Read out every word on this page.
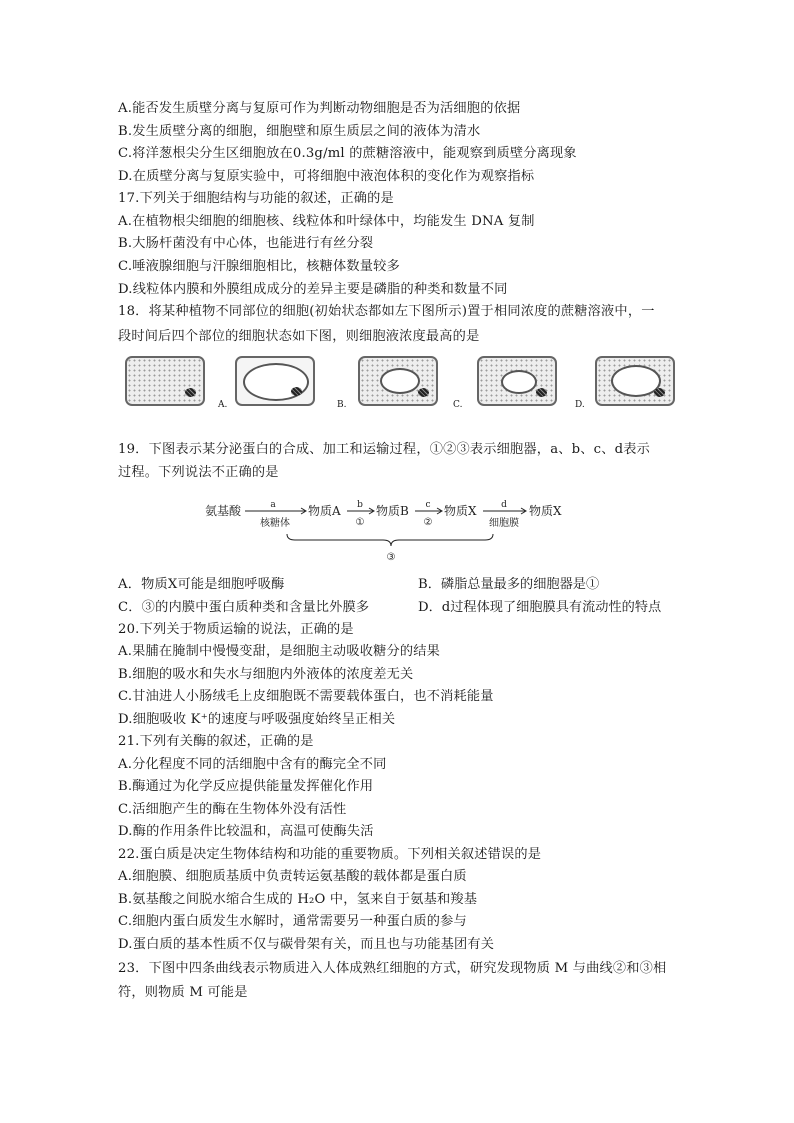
A.能否发生质壁分离与复原可作为判断动物细胞是否为活细胞的依据
B.发生质壁分离的细胞，细胞壁和原生质层之间的液体为清水
C.将洋葱根尖分生区细胞放在0.3g/ml 的蔗糖溶液中，能观察到质壁分离现象
D.在质壁分离与复原实验中，可将细胞中液泡体积的变化作为观察指标
17.下列关于细胞结构与功能的叙述，正确的是
A.在植物根尖细胞的细胞核、线粒体和叶绿体中，均能发生 DNA 复制
B.大肠杆菌没有中心体，也能进行有丝分裂
C.唾液腺细胞与汗腺细胞相比，核糖体数量较多
D.线粒体内膜和外膜组成成分的差异主要是磷脂的种类和数量不同
18．将某种植物不同部位的细胞(初始状态都如左下图所示)置于相同浓度的蔗糖溶液中，一
段时间后四个部位的细胞状态如下图，则细胞液浓度最高的是
A.	B.	C.	D.
19．下图表示某分泌蛋白的合成、加工和运输过程，①②③表示细胞器，a、b、c、d表示
过程。下列说法不正确的是
氨基酸	a
核糖体
物质A b
①
物质B c
②
物质X	d
细胞膜
物质X
③
A．物质X可能是细胞呼吸酶	B．磷脂总量最多的细胞器是①
C．③的内膜中蛋白质种类和含量比外膜多	D．d过程体现了细胞膜具有流动性的特点
20.下列关于物质运输的说法，正确的是
A.果脯在腌制中慢慢变甜，是细胞主动吸收糖分的结果
B.细胞的吸水和失水与细胞内外液体的浓度差无关
C.甘油进人小肠绒毛上皮细胞既不需要载体蛋白，也不消耗能量
D.细胞吸收 K⁺的速度与呼吸强度始终呈正相关
21.下列有关酶的叙述，正确的是
A.分化程度不同的活细胞中含有的酶完全不同
B.酶通过为化学反应提供能量发挥催化作用
C.活细胞产生的酶在生物体外没有活性
D.酶的作用条件比较温和，高温可使酶失活
22.蛋白质是决定生物体结构和功能的重要物质。下列相关叙述错误的是
A.细胞膜、细胞质基质中负责转运氨基酸的载体都是蛋白质
B.氨基酸之间脱水缩合生成的 H₂O 中，氢来自于氨基和羧基
C.细胞内蛋白质发生水解时，通常需要另一种蛋白质的参与
D.蛋白质的基本性质不仅与碳骨架有关，而且也与功能基团有关
23．下图中四条曲线表示物质进入人体成熟红细胞的方式，研究发现物质 M 与曲线②和③相
符，则物质 M 可能是
